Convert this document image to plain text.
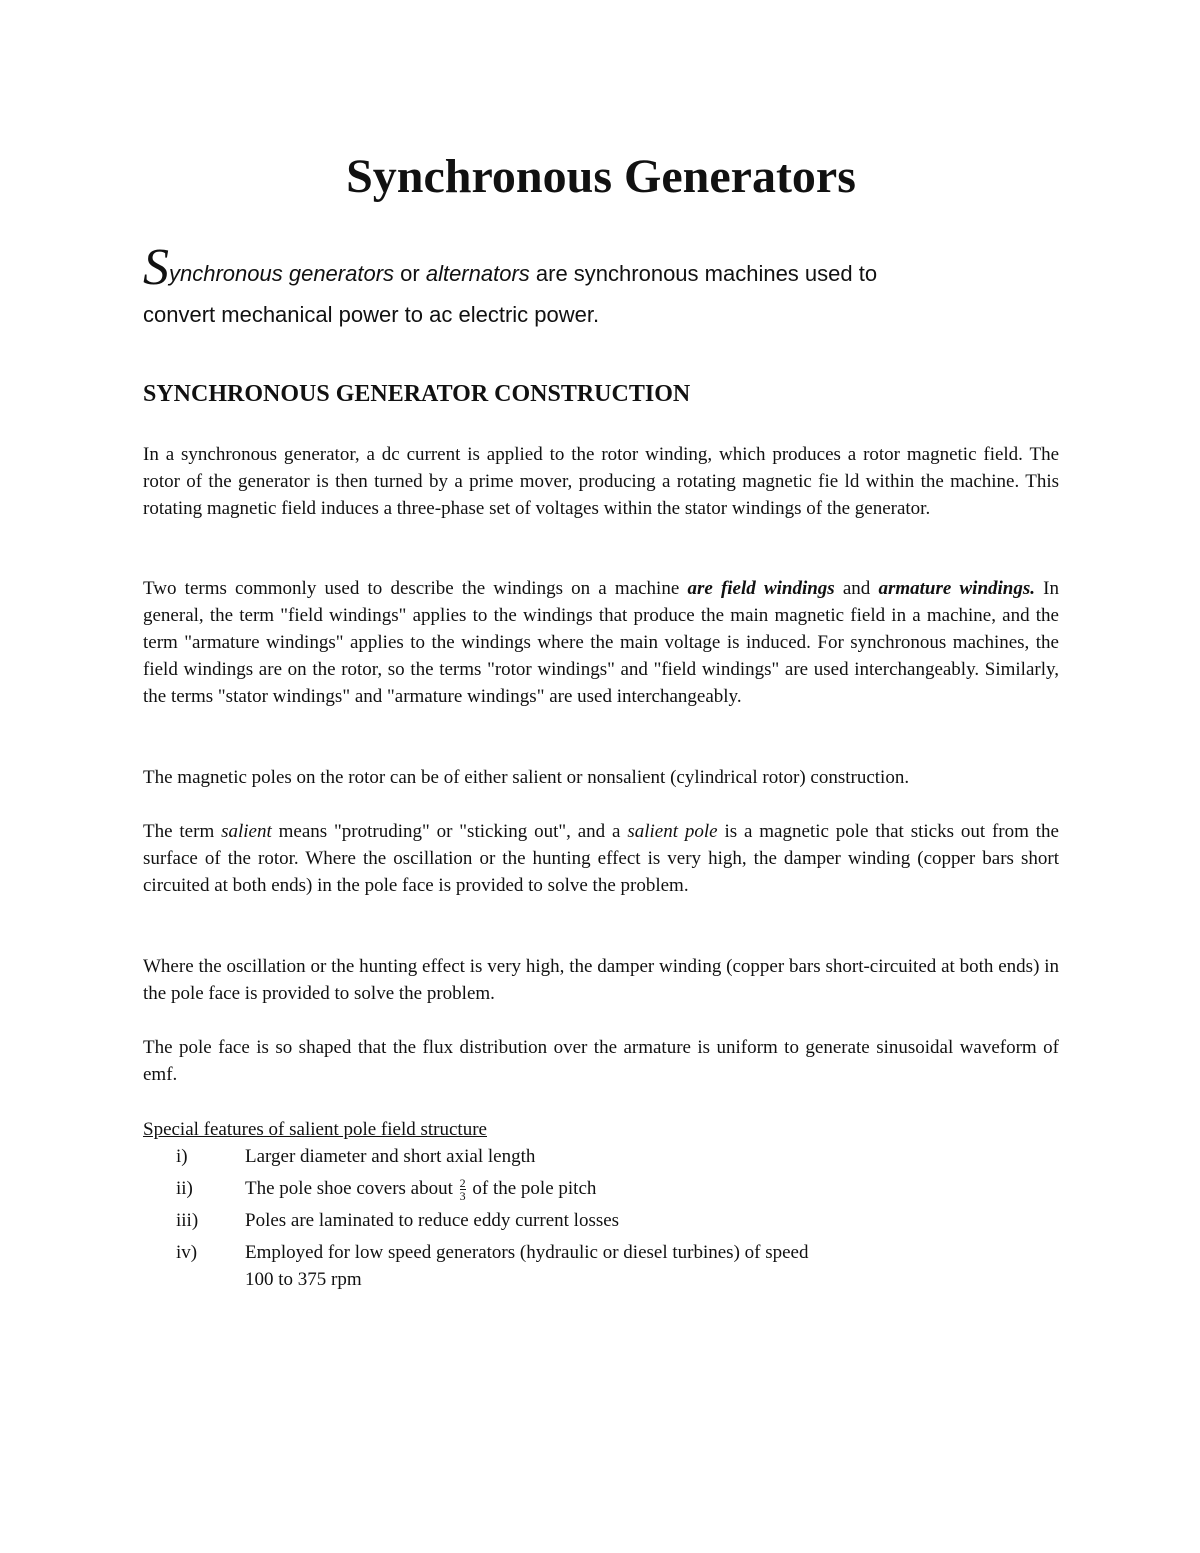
Synchronous Generators

Synchronous generators or alternators are synchronous machines used to
convert mechanical power to ac electric power.

SYNCHRONOUS GENERATOR CONSTRUCTION

In a synchronous generator, a dc current is applied to the rotor winding, which produces a rotor magnetic field. The rotor of the generator is then turned by a prime mover, producing a rotating magnetic fie ld within the machine. This rotating magnetic field induces a three-phase set of voltages within the stator windings of the generator.

Two terms commonly used to describe the windings on a machine are field windings and armature windings. In general, the term "field windings" applies to the windings that produce the main magnetic field in a machine, and the term "armature windings" applies to the windings where the main voltage is induced. For synchronous machines, the field windings are on the rotor, so the terms "rotor windings" and "field windings" are used interchangeably. Similarly, the terms "stator windings" and "armature windings" are used interchangeably.

The magnetic poles on the rotor can be of either salient or nonsalient (cylindrical rotor) construction.

The term salient means "protruding" or "sticking out", and a salient pole is a magnetic pole that sticks out from the surface of the rotor. Where the oscillation or the hunting effect is very high, the damper winding (copper bars short circuited at both ends) in the pole face is provided to solve the problem.

Where the oscillation or the hunting effect is very high, the damper winding (copper bars short-circuited at both ends) in the pole face is provided to solve the problem.

The pole face is so shaped that the flux distribution over the armature is uniform to generate sinusoidal waveform of emf.

Special features of salient pole field structure

i)	Larger diameter and short axial length
ii)	The pole shoe covers about $\frac{2}{3}$ of the pole pitch
iii) Poles are laminated to reduce eddy current losses
iv)	Employed for low speed generators (hydraulic or diesel turbines) of speed
100 to 375 rpm
